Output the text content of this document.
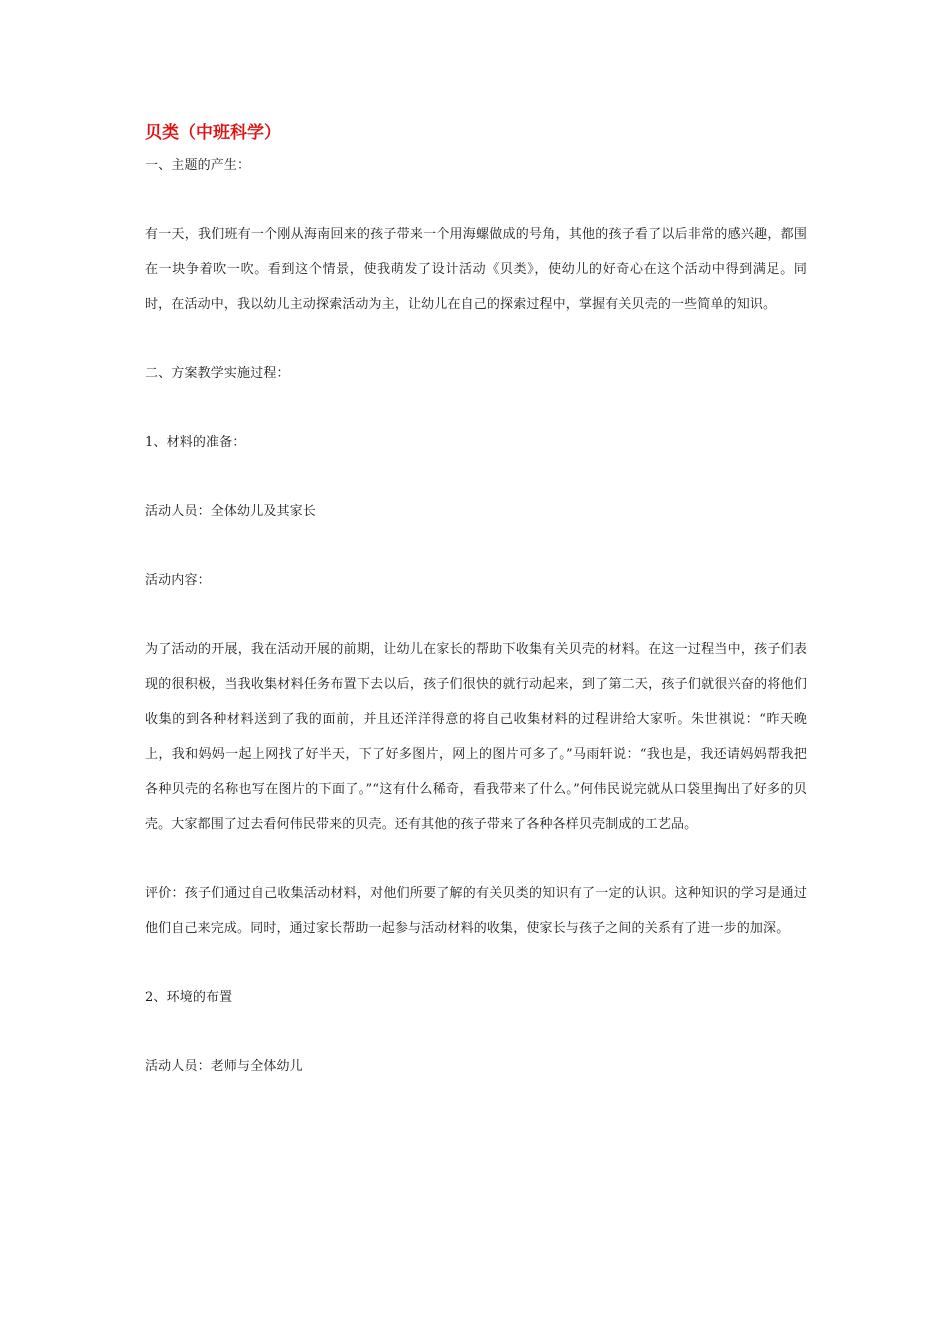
贝类（中班科学）

一、主题的产生：

有一天，我们班有一个刚从海南回来的孩子带来一个用海螺做成的号角，其他的孩子看了以后非常的感兴趣，都围在一块争着吹一吹。看到这个情景，使我萌发了设计活动《贝类》，使幼儿的好奇心在这个活动中得到满足。同时，在活动中，我以幼儿主动探索活动为主，让幼儿在自己的探索过程中，掌握有关贝壳的一些简单的知识。

二、方案教学实施过程：

1、材料的准备：

活动人员：全体幼儿及其家长

活动内容：

为了活动的开展，我在活动开展的前期，让幼儿在家长的帮助下收集有关贝壳的材料。在这一过程当中，孩子们表现的很积极，当我收集材料任务布置下去以后，孩子们很快的就行动起来，到了第二天，孩子们就很兴奋的将他们收集的到各种材料送到了我的面前，并且还洋洋得意的将自己收集材料的过程讲给大家听。朱世祺说：“昨天晚上，我和妈妈一起上网找了好半天，下了好多图片，网上的图片可多了。”马雨轩说：“我也是，我还请妈妈帮我把各种贝壳的名称也写在图片的下面了。”“这有什么稀奇，看我带来了什么。”何伟民说完就从口袋里掏出了好多的贝壳。大家都围了过去看何伟民带来的贝壳。还有其他的孩子带来了各种各样贝壳制成的工艺品。

评价：孩子们通过自己收集活动材料，对他们所要了解的有关贝类的知识有了一定的认识。这种知识的学习是通过他们自己来完成。同时，通过家长帮助一起参与活动材料的收集，使家长与孩子之间的关系有了进一步的加深。

2、环境的布置

活动人员：老师与全体幼儿
